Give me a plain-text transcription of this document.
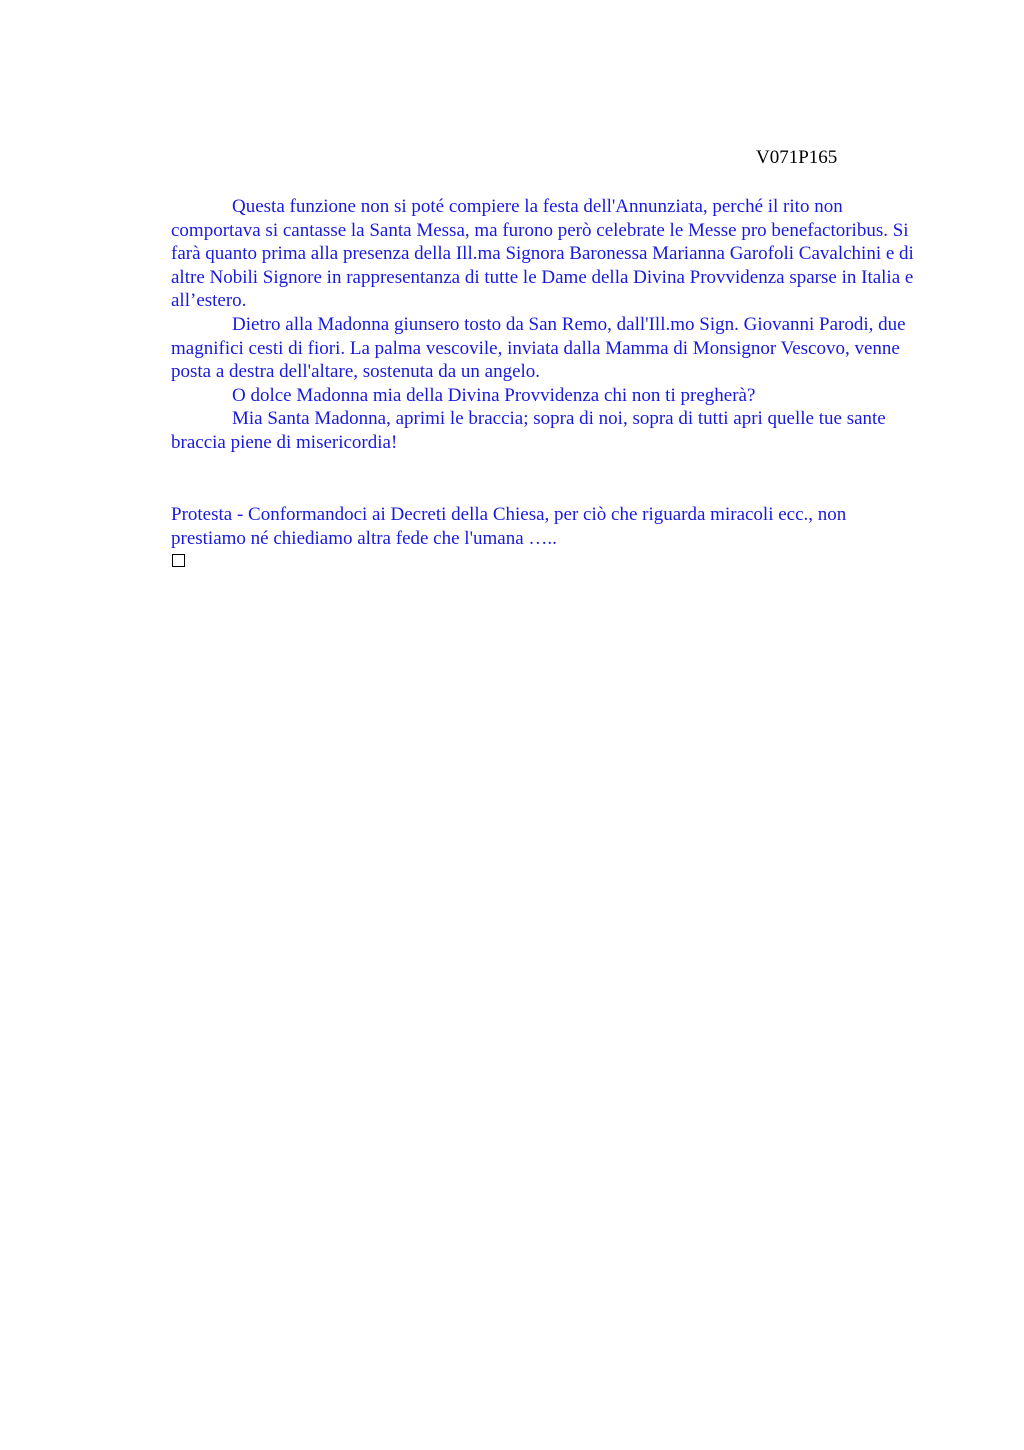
V071P165

Questa funzione non si poté compiere la festa dell'Annunziata, perché il rito non comportava si cantasse la Santa Messa, ma furono però celebrate le Messe pro benefactoribus. Si farà quanto prima alla presenza della Ill.ma Signora Baronessa Marianna Garofoli Cavalchini e di altre Nobili Signore in rappresentanza di tutte le Dame della Divina Provvidenza sparse in Italia e all’estero.

Dietro alla Madonna giunsero tosto da San Remo, dall'Ill.mo Sign. Giovanni Parodi, due magnifici cesti di fiori. La palma vescovile, inviata dalla Mamma di Monsignor Vescovo, venne posta a destra dell'altare, sostenuta da un angelo.

O dolce Madonna mia della Divina Provvidenza chi non ti pregherà?

Mia Santa Madonna, aprimi le braccia; sopra di noi, sopra di tutti apri quelle tue sante braccia piene di misericordia!

Protesta - Conformandoci ai Decreti della Chiesa, per ciò che riguarda miracoli ecc., non prestiamo né chiediamo altra fede che l'umana …..
